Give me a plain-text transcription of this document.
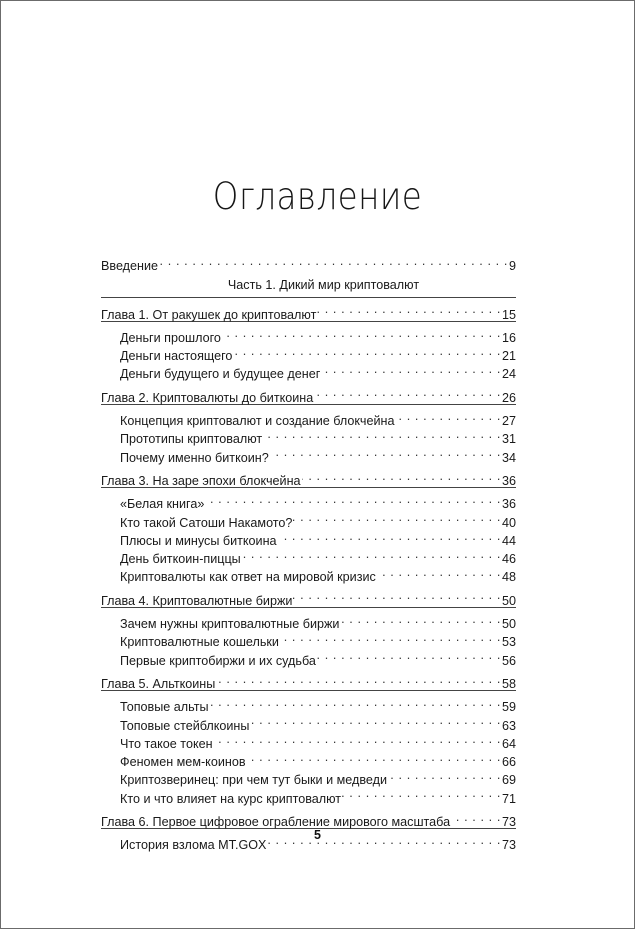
Оглавление
Введение . . .	9
Часть 1. Дикий мир криптовалют
Глава 1. От ракушек до криптовалют . . .	15
Деньги прошлого . . .	16
Деньги настоящего . . .	21
Деньги будущего и будущее денег . . .	24
Глава 2. Криптовалюты до биткоина . . .	26
Концепция криптовалют и создание блокчейна . . .	27
Прототипы криптовалют . . .	31
Почему именно биткоин? . . .	34
Глава 3. На заре эпохи блокчейна . . .	36
«Белая книга» . . .	36
Кто такой Сатоши Накамото? . . .	40
Плюсы и минусы биткоина . . .	44
День биткоин-пиццы . . .	46
Криптовалюты как ответ на мировой кризис . . .	48
Глава 4. Криптовалютные биржи . . .	50
Зачем нужны криптовалютные биржи . . .	50
Криптовалютные кошельки . . .	53
Первые криптобиржи и их судьба . . .	56
Глава 5. Альткоины . . .	58
Топовые альты . . .	59
Топовые стейблкоины . . .	63
Что такое токен . . .	64
Феномен мем-коинов . . .	66
Криптозверинец: при чем тут быки и медведи . . .	69
Кто и что влияет на курс криптовалют . . .	71
Глава 6. Первое цифровое ограбление мирового масштаба . . .	73
История взлома MT.GOX . . .	73
5
